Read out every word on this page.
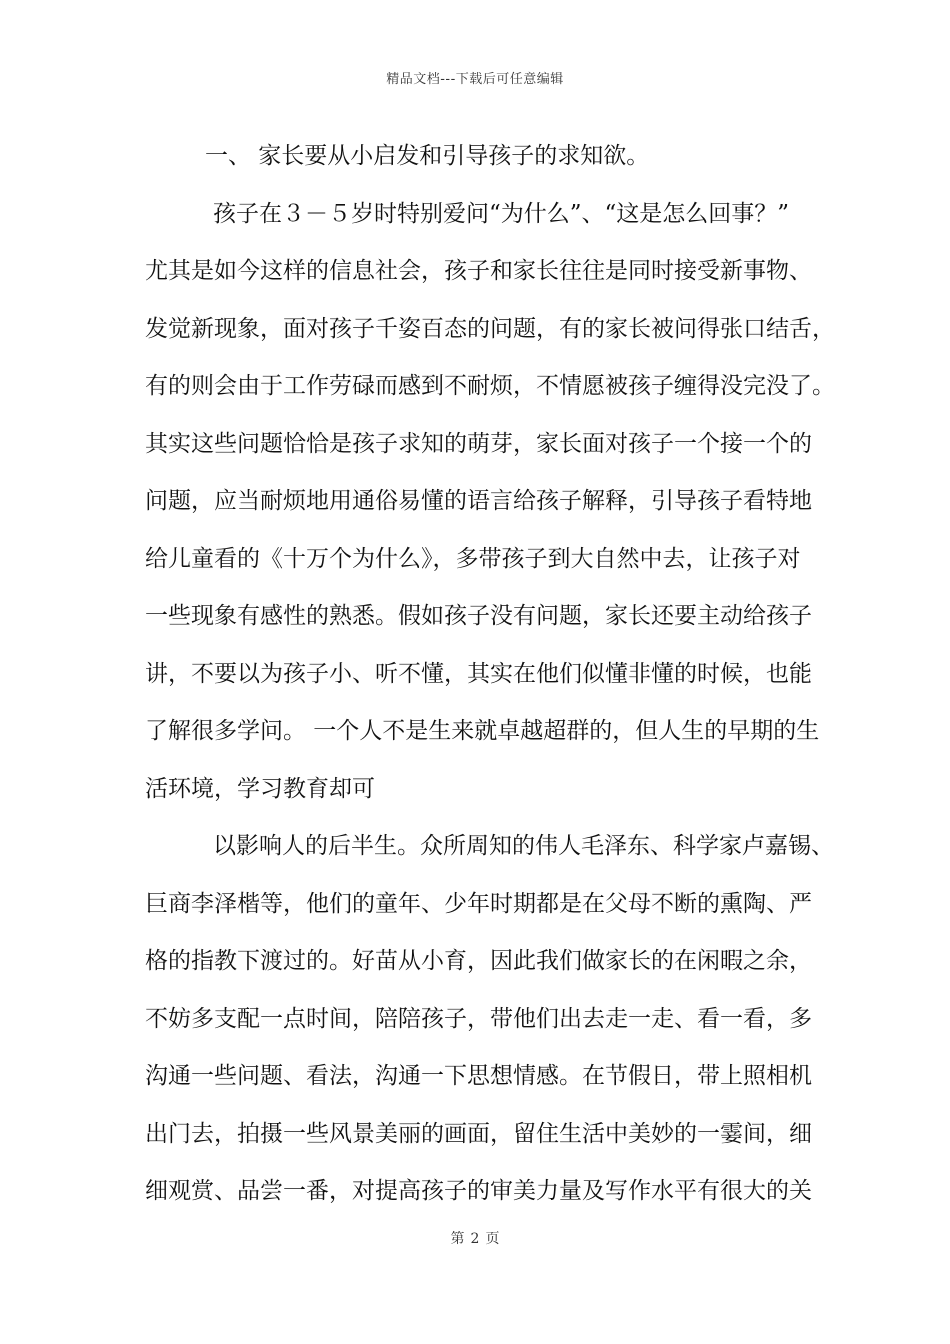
精品文档---下载后可任意编辑
一、 家长要从小启发和引导孩子的求知欲。
孩子在３－５岁时特别爱问“为什么”、“这是怎么回事？”
尤其是如今这样的信息社会，孩子和家长往往是同时接受新事物、
发觉新现象，面对孩子千姿百态的问题，有的家长被问得张口结舌，
有的则会由于工作劳碌而感到不耐烦，不情愿被孩子缠得没完没了。
其实这些问题恰恰是孩子求知的萌芽，家长面对孩子一个接一个的
问题，应当耐烦地用通俗易懂的语言给孩子解释，引导孩子看特地
给儿童看的《十万个为什么》，多带孩子到大自然中去，让孩子对
一些现象有感性的熟悉。假如孩子没有问题，家长还要主动给孩子
讲，不要以为孩子小、听不懂，其实在他们似懂非懂的时候，也能
了解很多学问。 一个人不是生来就卓越超群的，但人生的早期的生
活环境，学习教育却可
以影响人的后半生。众所周知的伟人毛泽东、科学家卢嘉锡、
巨商李泽楷等，他们的童年、少年时期都是在父母不断的熏陶、严
格的指教下渡过的。好苗从小育，因此我们做家长的在闲暇之余，
不妨多支配一点时间，陪陪孩子，带他们出去走一走、看一看，多
沟通一些问题、看法，沟通一下思想情感。在节假日，带上照相机
出门去，拍摄一些风景美丽的画面，留住生活中美妙的一霎间，细
细观赏、品尝一番，对提高孩子的审美力量及写作水平有很大的关
第 2 页
